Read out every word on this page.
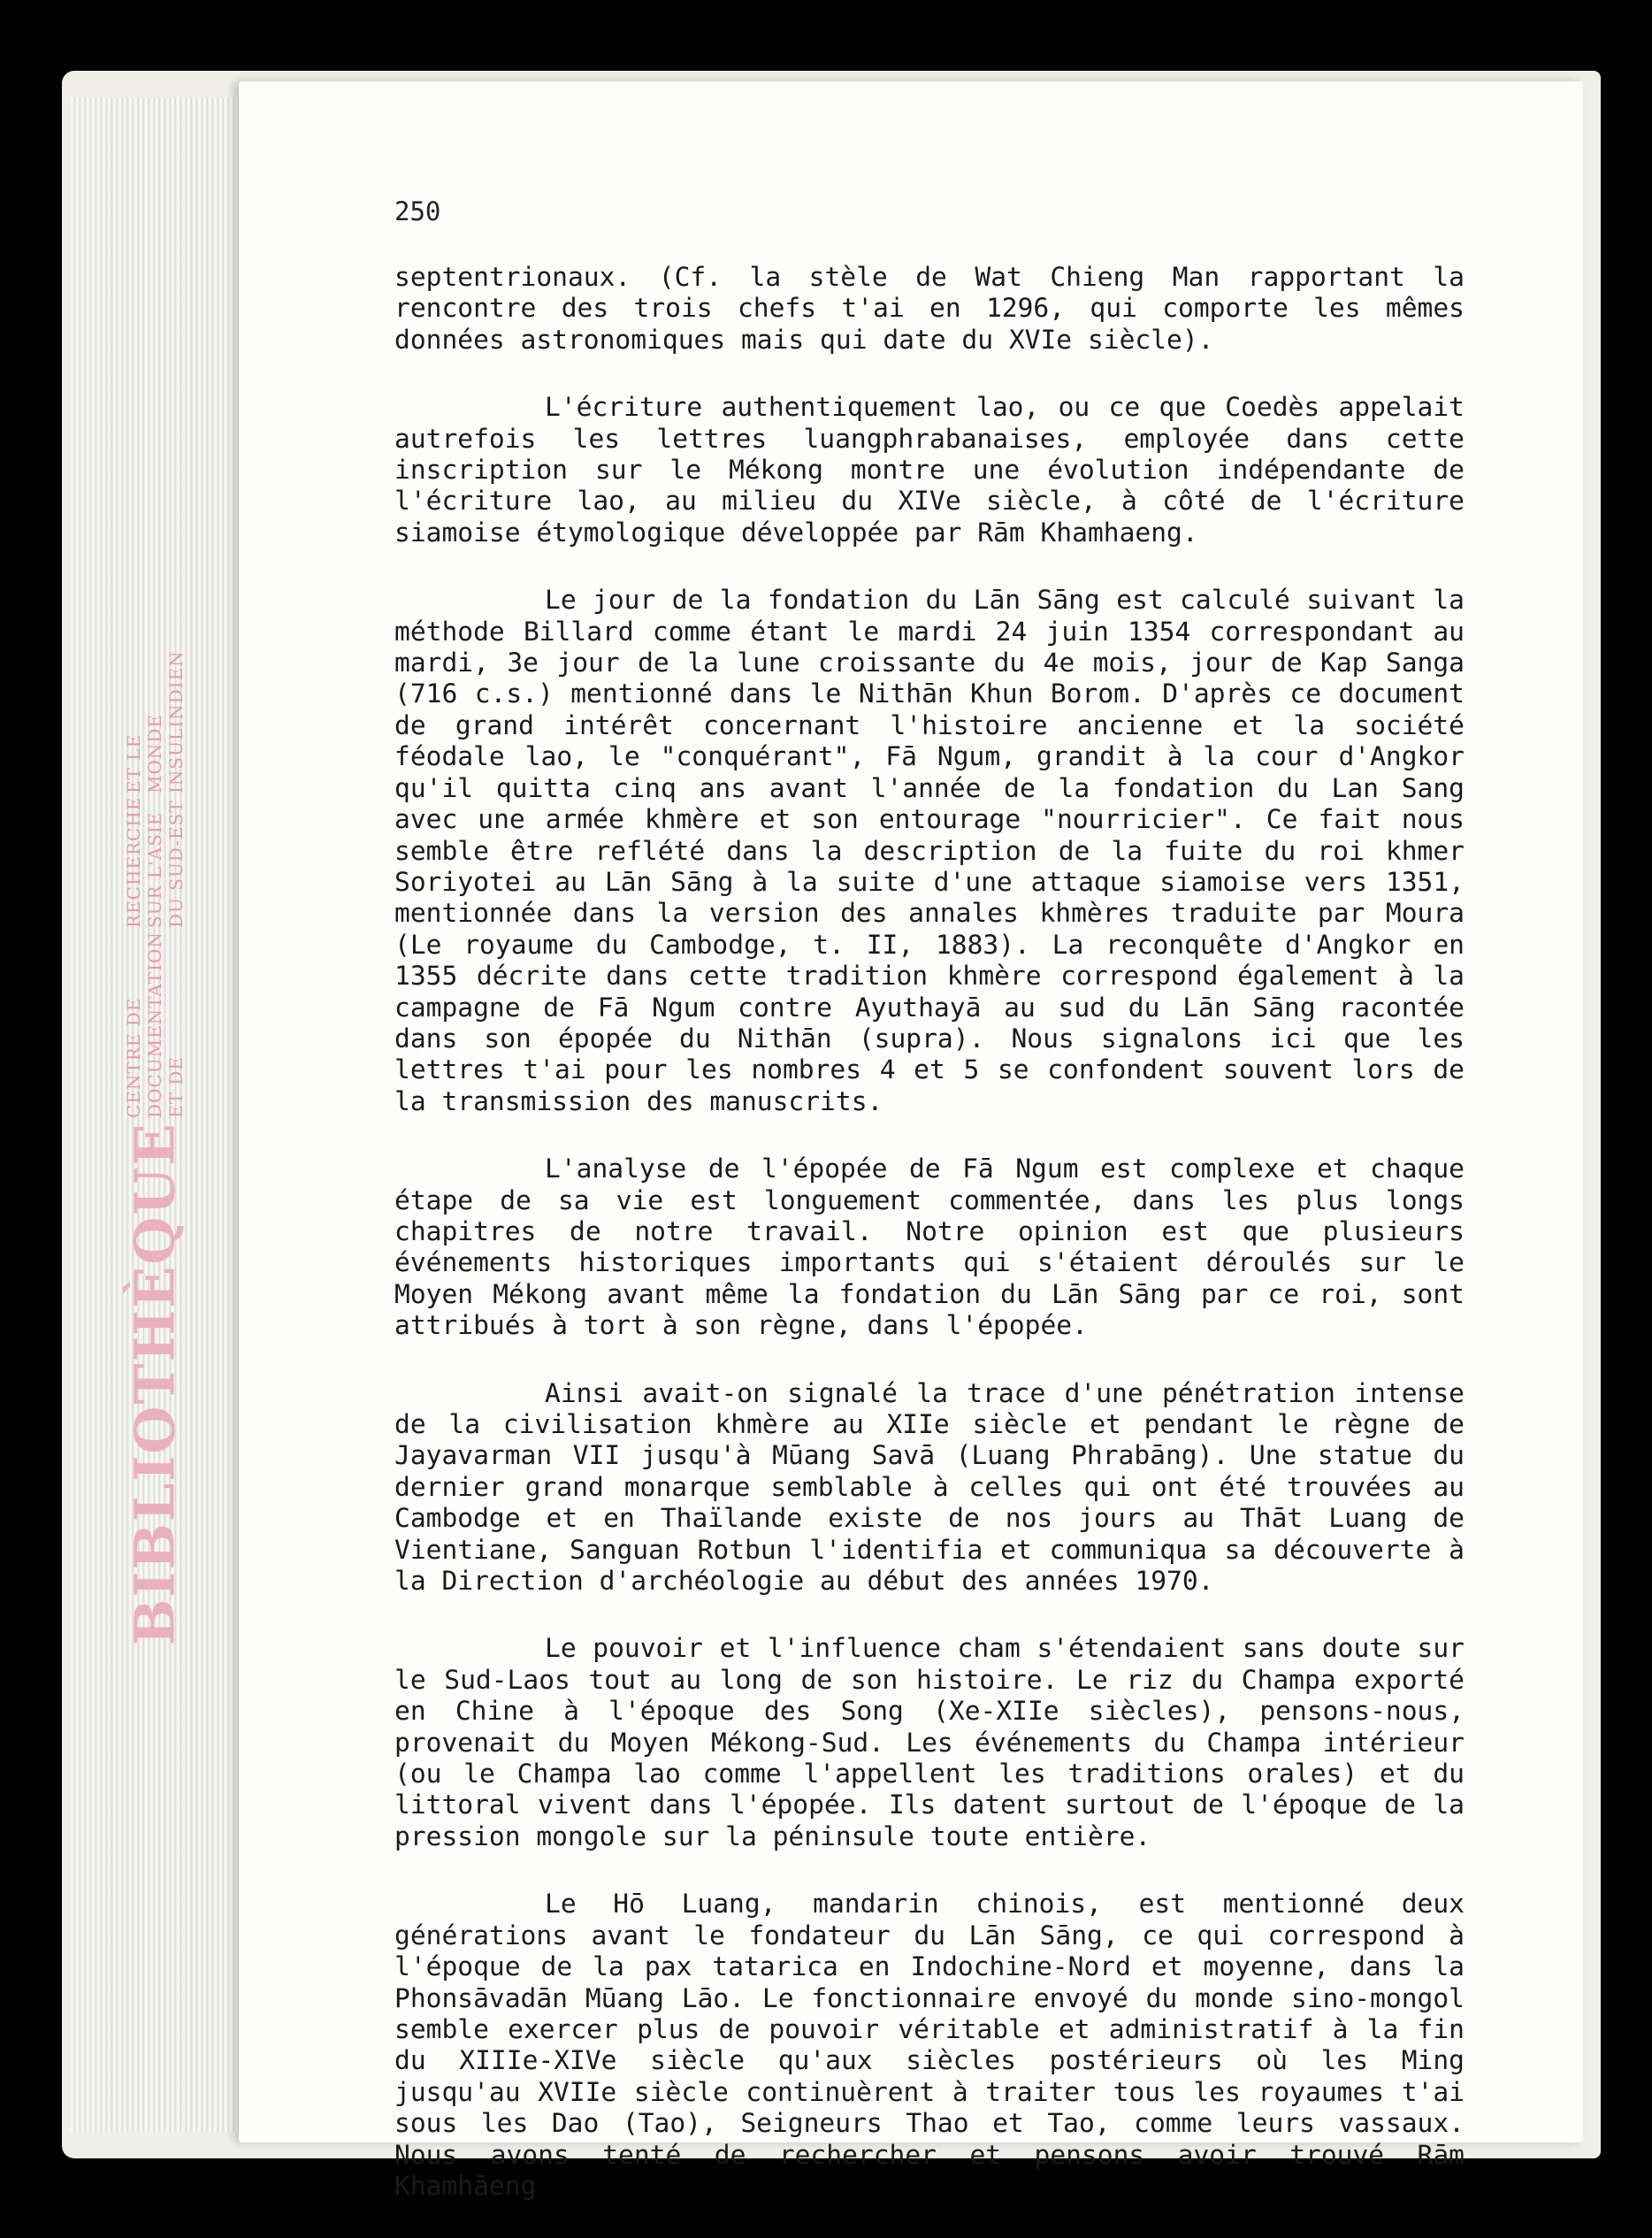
BIBLIOTHÈQUE
CENTRE DE DOCUMENTATION ET DE
RECHERCHE SUR L'ASIE DU SUD-EST
ET LE MONDE INSULINDIEN
250

septentrionaux. (Cf. la stèle de Wat Chieng Man rapportant la rencontre des trois chefs t'ai en 1296, qui comporte les mêmes données astronomiques mais qui date du XVIe siècle).

L'écriture authentiquement lao, ou ce que Coedès appelait autrefois les lettres luangphrabanaises, employée dans cette inscription sur le Mékong montre une évolution indépendante de l'écriture lao, au milieu du XIVe siècle, à côté de l'écriture siamoise étymologique développée par Rām Khamhaeng.

Le jour de la fondation du Lān Sāng est calculé suivant la méthode Billard comme étant le mardi 24 juin 1354 correspondant au mardi, 3e jour de la lune croissante du 4e mois, jour de Kap Sanga (716 c.s.) mentionné dans le Nithān Khun Borom. D'après ce document de grand intérêt concernant l'histoire ancienne et la société féodale lao, le "conquérant", Fā Ngum, grandit à la cour d'Angkor qu'il quitta cinq ans avant l'année de la fondation du Lan Sang avec une armée khmère et son entourage "nourricier". Ce fait nous semble être reflété dans la description de la fuite du roi khmer Soriyotei au Lān Sāng à la suite d'une attaque siamoise vers 1351, mentionnée dans la version des annales khmères traduite par Moura (Le royaume du Cambodge, t. II, 1883). La reconquête d'Angkor en 1355 décrite dans cette tradition khmère correspond également à la campagne de Fā Ngum contre Ayuthayā au sud du Lān Sāng racontée dans son épopée du Nithān (supra). Nous signalons ici que les lettres t'ai pour les nombres 4 et 5 se confondent souvent lors de la transmission des manuscrits.

L'analyse de l'épopée de Fā Ngum est complexe et chaque étape de sa vie est longuement commentée, dans les plus longs chapitres de notre travail. Notre opinion est que plusieurs événements historiques importants qui s'étaient déroulés sur le Moyen Mékong avant même la fondation du Lān Sāng par ce roi, sont attribués à tort à son règne, dans l'épopée.

Ainsi avait-on signalé la trace d'une pénétration intense de la civilisation khmère au XIIe siècle et pendant le règne de Jayavarman VII jusqu'à Mūang Savā (Luang Phrabāng). Une statue du dernier grand monarque semblable à celles qui ont été trouvées au Cambodge et en Thaïlande existe de nos jours au Thāt Luang de Vientiane, Sanguan Rotbun l'identifia et communiqua sa découverte à la Direction d'archéologie au début des années 1970.

Le pouvoir et l'influence cham s'étendaient sans doute sur le Sud-Laos tout au long de son histoire. Le riz du Champa exporté en Chine à l'époque des Song (Xe-XIIe siècles), pensons-nous, provenait du Moyen Mékong-Sud. Les événements du Champa intérieur (ou le Champa lao comme l'appellent les traditions orales) et du littoral vivent dans l'épopée. Ils datent surtout de l'époque de la pression mongole sur la péninsule toute entière.

Le Hō Luang, mandarin chinois, est mentionné deux générations avant le fondateur du Lān Sāng, ce qui correspond à l'époque de la pax tatarica en Indochine-Nord et moyenne, dans la Phonsāvadān Mūang Lāo. Le fonctionnaire envoyé du monde sino-mongol semble exercer plus de pouvoir véritable et administratif à la fin du XIIIe-XIVe siècle qu'aux siècles postérieurs où les Ming jusqu'au XVIIe siècle continuèrent à traiter tous les royaumes t'ai sous les Dao (Tao), Seigneurs Thao et Tao, comme leurs vassaux. Nous avons tenté de rechercher et pensons avoir trouvé Rām Khamhāeng
